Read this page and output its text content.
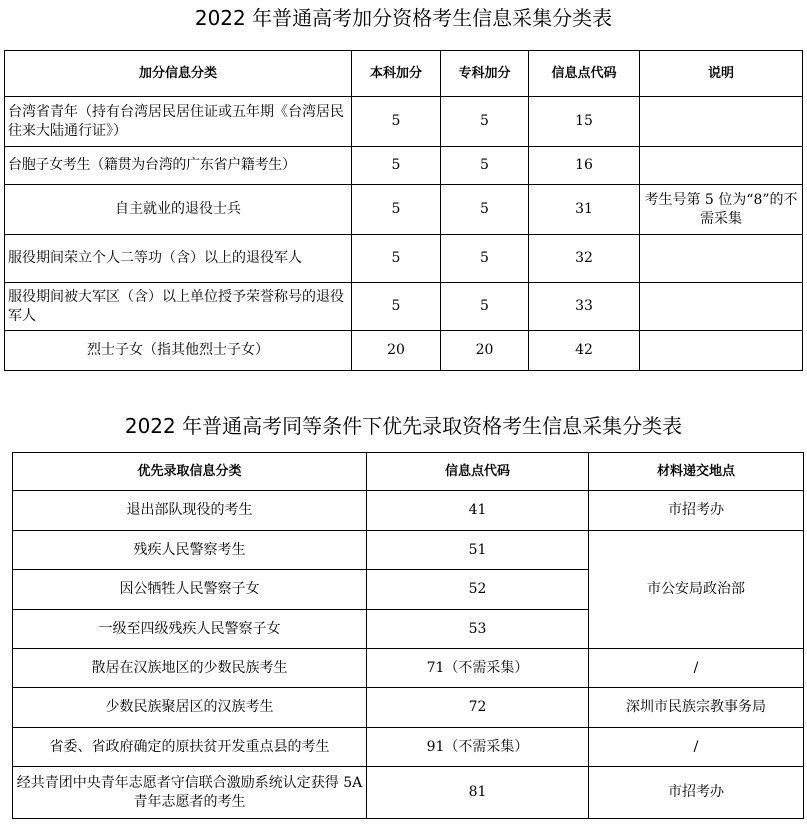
2022 年普通高考加分资格考生信息采集分类表
加分信息分类	本科加分	专科加分	信息点代码	说明
台湾省青年（持有台湾居民居住证或五年期《台湾居民往来大陆通行证》）	5	5	15	
台胞子女考生（籍贯为台湾的广东省户籍考生）	5	5	16	
自主就业的退役士兵	5	5	31	考生号第 5 位为“8”的不需采集
服役期间荣立个人二等功（含）以上的退役军人	5	5	32	
服役期间被大军区（含）以上单位授予荣誉称号的退役军人	5	5	33	
烈士子女（指其他烈士子女）	20	20	42	
2022 年普通高考同等条件下优先录取资格考生信息采集分类表
优先录取信息分类	信息点代码	材料递交地点
退出部队现役的考生	41	市招考办
残疾人民警察考生	51	市公安局政治部
因公牺牲人民警察子女	52	
一级至四级残疾人民警察子女	53	
散居在汉族地区的少数民族考生	71（不需采集）	/
少数民族聚居区的汉族考生	72	深圳市民族宗教事务局
省委、省政府确定的原扶贫开发重点县的考生	91（不需采集）	/
经共青团中央青年志愿者守信联合激励系统认定获得 5A 青年志愿者的考生	81	市招考办
